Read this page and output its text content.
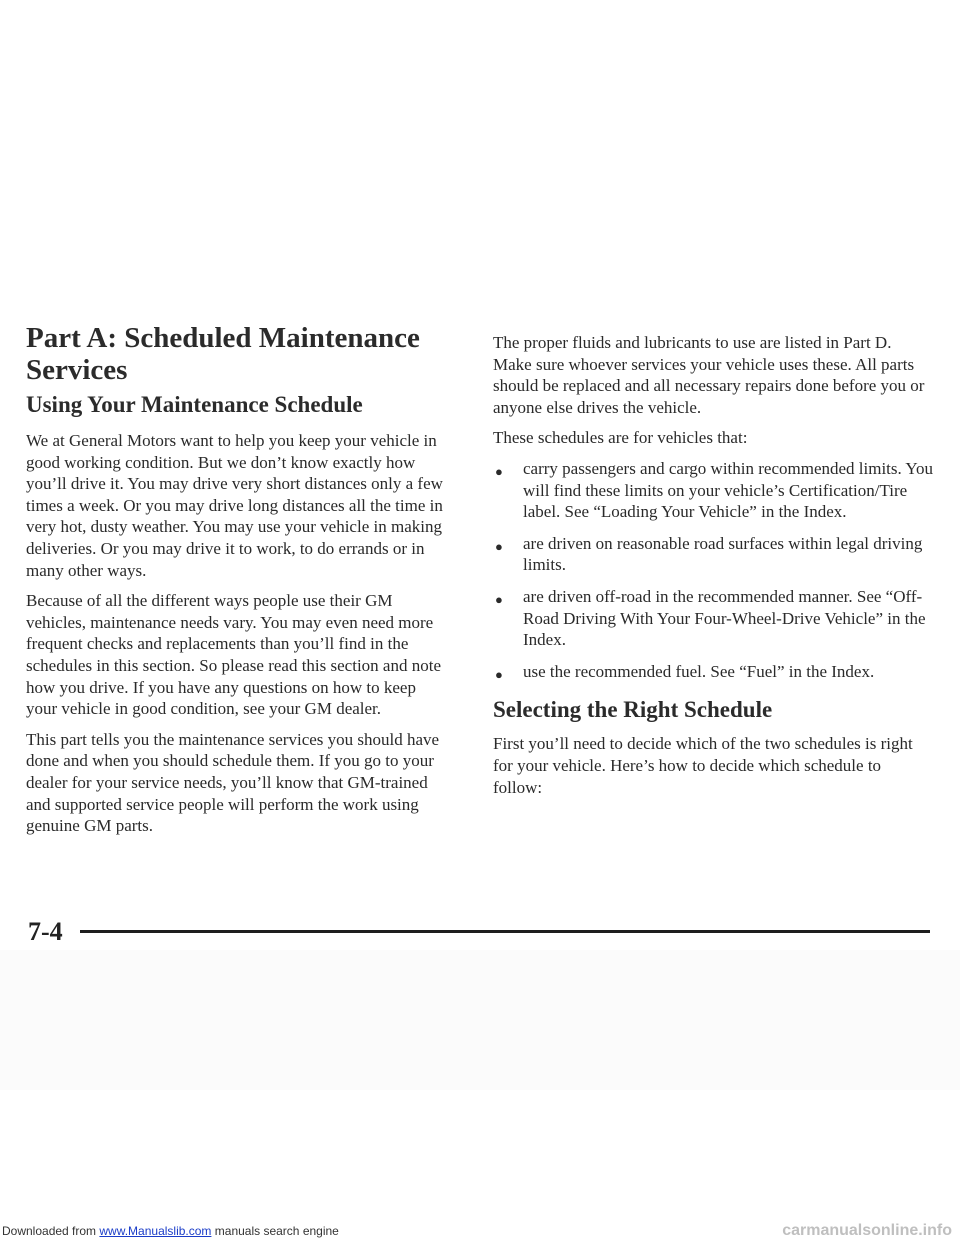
Part A: Scheduled Maintenance Services
Using Your Maintenance Schedule

We at General Motors want to help you keep your vehicle in good working condition. But we don’t know exactly how you’ll drive it. You may drive very short distances only a few times a week. Or you may drive long distances all the time in very hot, dusty weather. You may use your vehicle in making deliveries. Or you may drive it to work, to do errands or in many other ways.

Because of all the different ways people use their GM vehicles, maintenance needs vary. You may even need more frequent checks and replacements than you’ll find in the schedules in this section. So please read this section and note how you drive. If you have any questions on how to keep your vehicle in good condition, see your GM dealer.

This part tells you the maintenance services you should have done and when you should schedule them. If you go to your dealer for your service needs, you’ll know that GM-trained and supported service people will perform the work using genuine GM parts.

The proper fluids and lubricants to use are listed in Part D. Make sure whoever services your vehicle uses these. All parts should be replaced and all necessary repairs done before you or anyone else drives the vehicle.

These schedules are for vehicles that:

● carry passengers and cargo within recommended limits. You will find these limits on your vehicle’s Certification/Tire label. See “Loading Your Vehicle” in the Index.
● are driven on reasonable road surfaces within legal driving limits.
● are driven off-road in the recommended manner. See “Off-Road Driving With Your Four-Wheel-Drive Vehicle” in the Index.
● use the recommended fuel. See “Fuel” in the Index.
Selecting the Right Schedule

First you’ll need to decide which of the two schedules is right for your vehicle. Here’s how to decide which schedule to follow:

7-4
Downloaded from www.Manualslib.com manuals search engine	carmanualsonline.info
